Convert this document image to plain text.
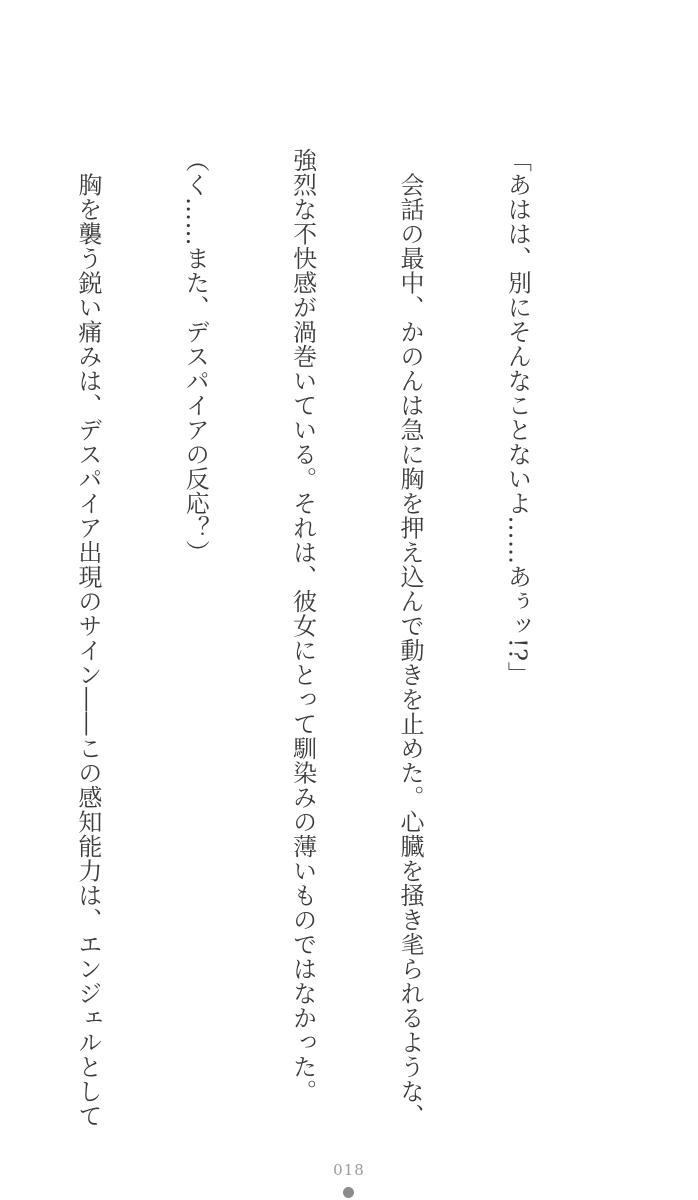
「あはは、別にそんなことないよ……あぅッ!?」

　会話の最中、かのんは急に胸を押え込んで動きを止めた。心臓を掻き毟られるような、

強烈な不快感が渦巻いている。それは、彼女にとって馴染みの薄いものではなかった。

（く……また、デスパイアの反応？）

　胸を襲う鋭い痛みは、デスパイア出現のサイン――この感知能力は、エンジェルとして

018
